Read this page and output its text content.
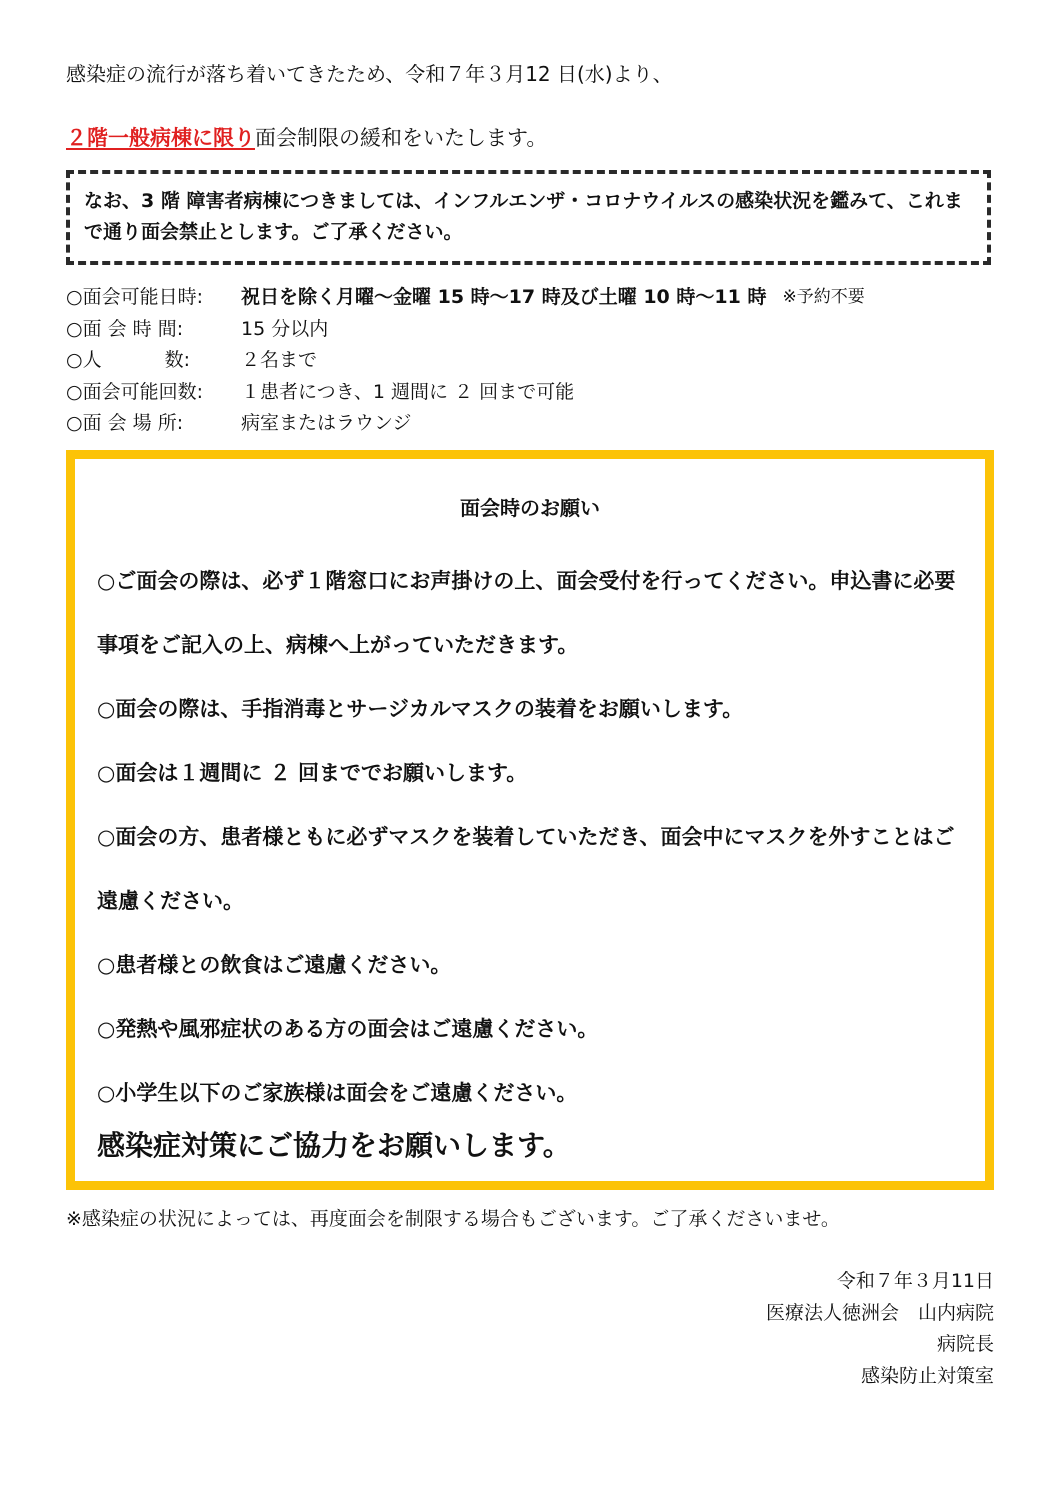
感染症の流行が落ち着いてきたため、令和７年３月12 日(水)より、
２階一般病棟に限り面会制限の緩和をいたします。
なお、3 階 障害者病棟につきましては、インフルエンザ・コロナウイルスの感染状況を鑑みて、これまで通り面会禁止とします。ご了承ください。
○面会可能日時:	祝日を除く月曜～金曜 15 時～17 時及び土曜 10 時～11 時 ※予約不要
○面 会 時 間:	15 分以内
○人　　　 数:	２名まで
○面会可能回数:	１患者につき、1 週間に ２ 回まで可能
○面 会 場 所:	病室またはラウンジ
面会時のお願い
○ご面会の際は、必ず１階窓口にお声掛けの上、面会受付を行ってください。申込書に必要事項をご記入の上、病棟へ上がっていただきます。
○面会の際は、手指消毒とサージカルマスクの装着をお願いします。
○面会は１週間に ２ 回まででお願いします。
○面会の方、患者様ともに必ずマスクを装着していただき、面会中にマスクを外すことはご遠慮ください。
○患者様との飲食はご遠慮ください。
○発熱や風邪症状のある方の面会はご遠慮ください。
○小学生以下のご家族様は面会をご遠慮ください。
感染症対策にご協力をお願いします。
※感染症の状況によっては、再度面会を制限する場合もございます。ご了承くださいませ。
令和７年３月11日
医療法人徳洲会　山内病院
病院長
感染防止対策室
